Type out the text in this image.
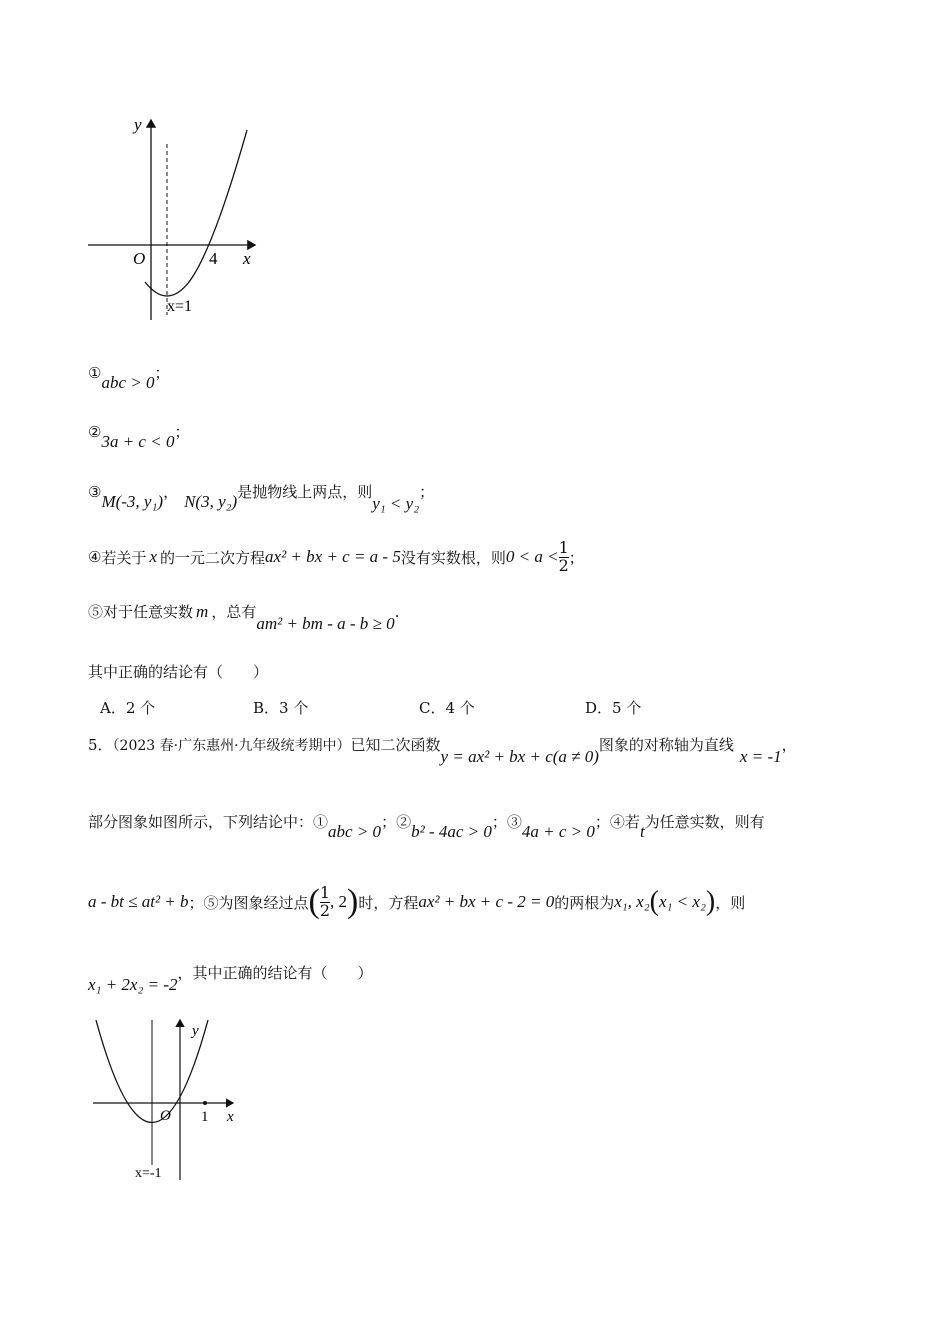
y
x
O	4
x=1
①abc > 0；
②3a + c < 0；
③M(-3, y₁)， N(3, y₂)是抛物线上两点，则y₁ < y₂；
④ 若关于 x 的一元二次方程 ax² + bx + c = a - 5 没有实数根，则 $0 < a < \frac{1}{2}$ ；
⑤对于任意实数 m ，总有am² + bm - a - b ≥ 0.
其中正确的结论有（　　）
A．2 个	B．3 个	C．4 个	D．5 个
5．（2023 春·广东惠州·九年级统考期中）已知二次函数y = ax² + bx + c(a ≠ 0)图象的对称轴为直线x = -1，
部分图象如图所示，下列结论中：①abc > 0；②b² - 4ac > 0；③4a + c > 0；④若t为任意实数，则有
a - bt ≤ at² + b ；⑤为图象经过点 ( $\frac{1}{2}$ , 2 ) 时，方程 ax² + bx + c - 2 = 0 的两根为 x₁, x₂ ( x₁ < x₂ ) ，则
x₁ + 2x₂ = -2，其中正确的结论有（　　）
y
x
O 1
x=-1
